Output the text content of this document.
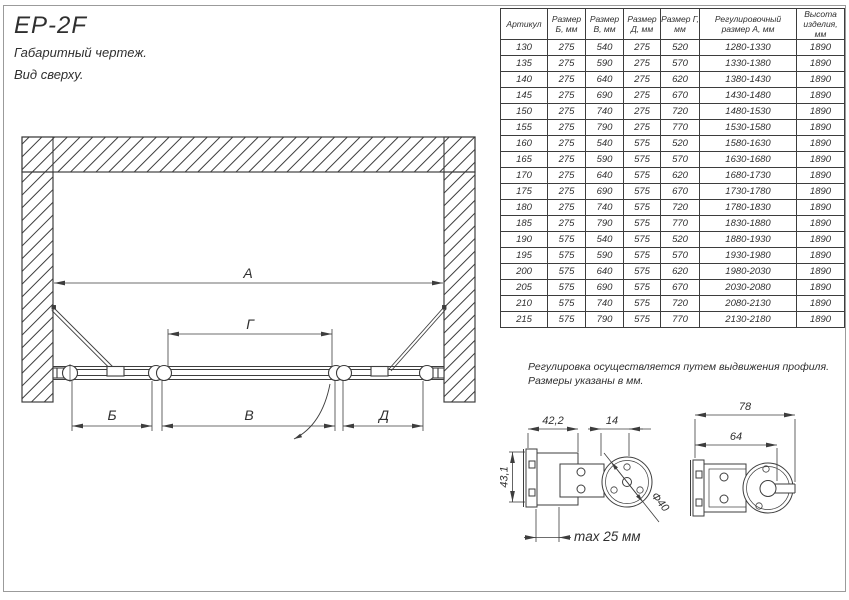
EP-2F
Габаритный чертеж.
Вид сверху.
Артикул	Размер Б, мм	Размер В, мм	Размер Д, мм	Размер Г, мм	Регулировочный размер А, мм	Высота изделия, мм
130	275	540	275	520	1280-1330	1890
135	275	590	275	570	1330-1380	1890
140	275	640	275	620	1380-1430	1890
145	275	690	275	670	1430-1480	1890
150	275	740	275	720	1480-1530	1890
155	275	790	275	770	1530-1580	1890
160	275	540	575	520	1580-1630	1890
165	275	590	575	570	1630-1680	1890
170	275	640	575	620	1680-1730	1890
175	275	690	575	670	1730-1780	1890
180	275	740	575	720	1780-1830	1890
185	275	790	575	770	1830-1880	1890
190	575	540	575	520	1880-1930	1890
195	575	590	575	570	1930-1980	1890
200	575	640	575	620	1980-2030	1890
205	575	690	575	670	2030-2080	1890
210	575	740	575	720	2080-2130	1890
215	575	790	575	770	2130-2180	1890
Регулировка осуществляется путем выдвижения профиля.
Размеры указаны в мм.
А
Г
Б	В	Д	42,2	14
43,1
max 25 мм
Ф40
78
64
